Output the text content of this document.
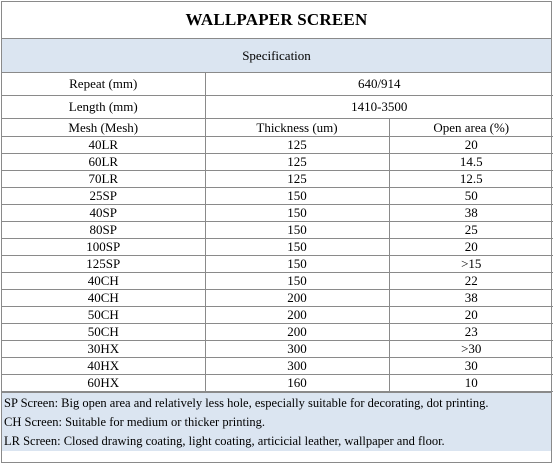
WALLPAPER SCREEN
Specification
Repeat (mm)	640/914	
Length (mm)	1410-3500	
Mesh (Mesh)	Thickness (um)	Open area (%)
40LR	125	20
60LR	125	14.5
70LR	125	12.5
25SP	150	50
40SP	150	38
80SP	150	25
100SP	150	20
125SP	150	>15
40CH	150	22
40CH	200	38
50CH	200	20
50CH	200	23
30HX	300	>30
40HX	300	30
60HX	160	10
SP Screen: Big open area and relatively less hole, especially suitable for decorating, dot printing.
CH Screen: Suitable for medium or thicker printing.
LR Screen: Closed drawing coating, light coating, articicial leather, wallpaper and floor.
